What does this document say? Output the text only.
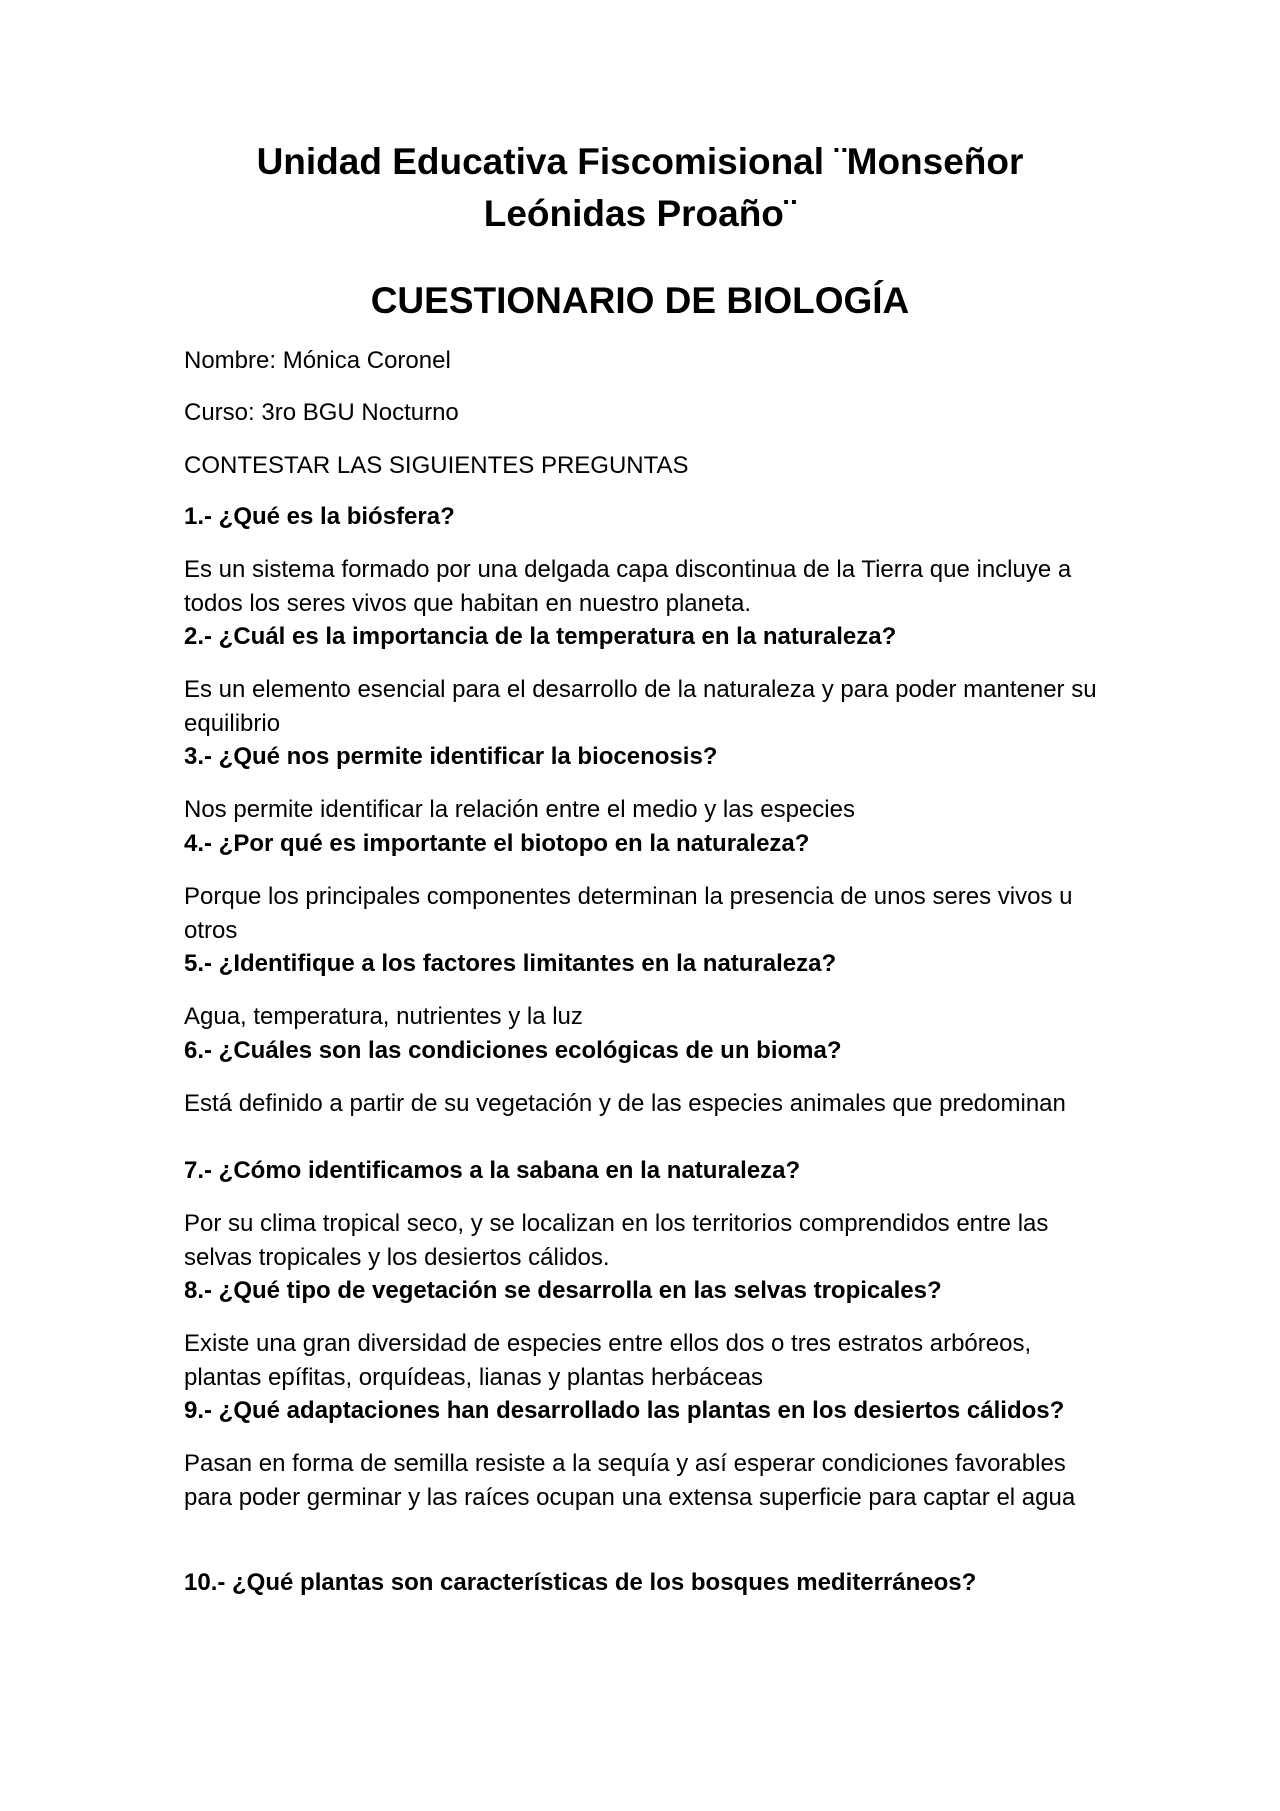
Unidad Educativa Fiscomisional ¨Monseñor
Leónidas Proaño¨
CUESTIONARIO DE BIOLOGÍA

Nombre: Mónica Coronel

Curso: 3ro BGU Nocturno

CONTESTAR LAS SIGUIENTES PREGUNTAS

1.- ¿Qué es la biósfera?

Es un sistema formado por una delgada capa discontinua de la Tierra que incluye a todos los seres vivos que habitan en nuestro planeta.

2.- ¿Cuál es la importancia de la temperatura en la naturaleza?

Es un elemento esencial para el desarrollo de la naturaleza y para poder mantener su equilibrio

3.- ¿Qué nos permite identificar la biocenosis?

Nos permite identificar la relación entre el medio y las especies

4.- ¿Por qué es importante el biotopo en la naturaleza?

Porque los principales componentes determinan la presencia de unos seres vivos u otros

5.- ¿Identifique a los factores limitantes en la naturaleza?

Agua, temperatura, nutrientes y la luz

6.- ¿Cuáles son las condiciones ecológicas de un bioma?

Está definido a partir de su vegetación y de las especies animales que predominan

7.- ¿Cómo identificamos a la sabana en la naturaleza?

Por su clima tropical seco, y se localizan en los territorios comprendidos entre las selvas tropicales y los desiertos cálidos.

8.- ¿Qué tipo de vegetación se desarrolla en las selvas tropicales?

Existe una gran diversidad de especies entre ellos dos o tres estratos arbóreos, plantas epífitas, orquídeas, lianas y plantas herbáceas

9.- ¿Qué adaptaciones han desarrollado las plantas en los desiertos cálidos?

Pasan en forma de semilla resiste a la sequía y así esperar condiciones favorables para poder germinar y las raíces ocupan una extensa superficie para captar el agua

10.- ¿Qué plantas son características de los bosques mediterráneos?
